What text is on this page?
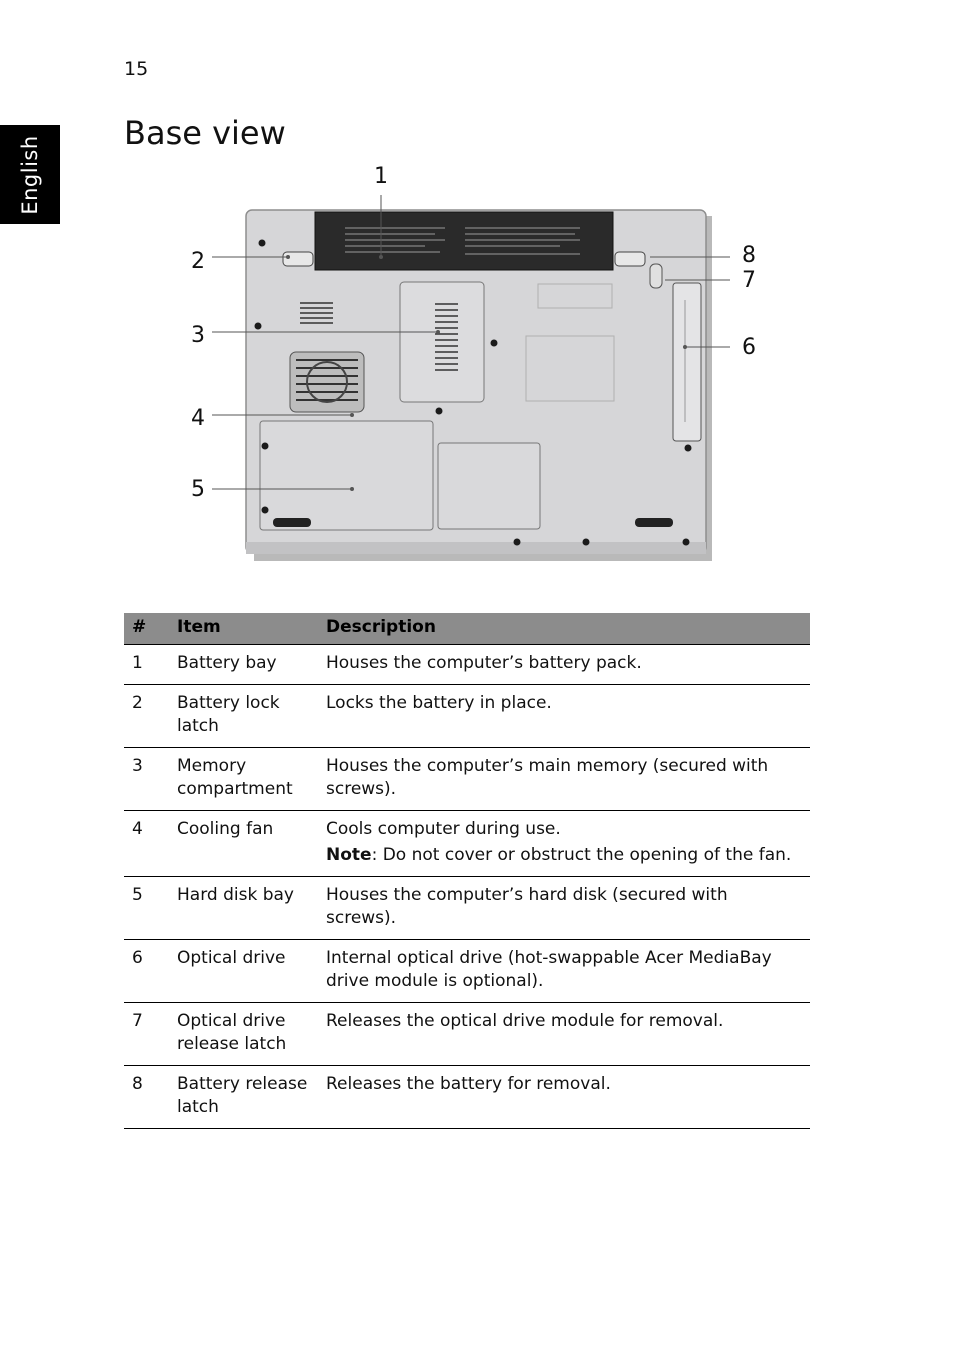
15
English
Base view
1
2
3
4
5
6
7
8
#	Item	Description
1	Battery bay	Houses the computer’s battery pack.
2	Battery lock latch	Locks the battery in place.
3	Memory compartment	Houses the computer’s main memory (secured with screws).
4	Cooling fan	Cools computer during use.
Note: Do not cover or obstruct the opening of the fan.

5	Hard disk bay	Houses the computer’s hard disk (secured with screws).
6	Optical drive	Internal optical drive (hot-swappable Acer MediaBay drive module is optional).
7	Optical drive release latch	Releases the optical drive module for removal.
8	Battery release latch	Releases the battery for removal.
